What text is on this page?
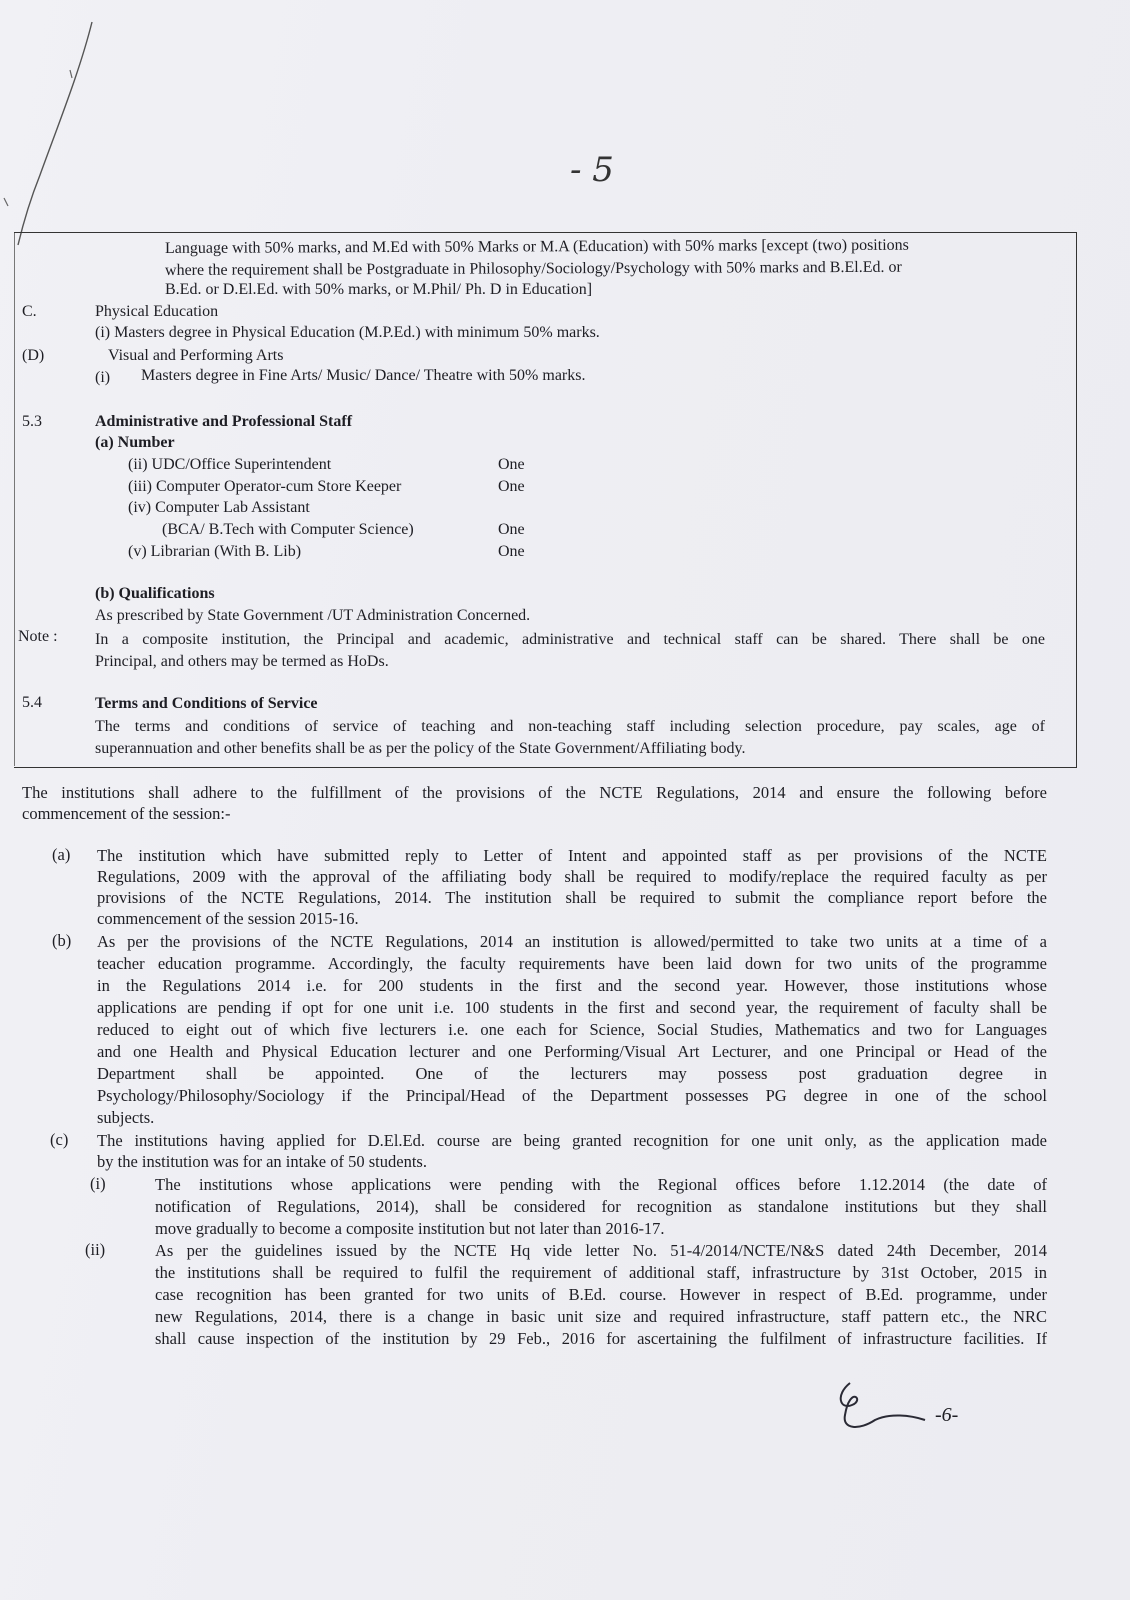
- 5
Language with 50% marks, and M.Ed with 50% Marks or M.A (Education) with 50% marks [except (two) positions
where the requirement shall be Postgraduate in Philosophy/Sociology/Psychology with 50% marks and B.El.Ed. or
B.Ed. or D.El.Ed. with 50% marks, or M.Phil/ Ph. D in Education]
C.	Physical Education
(i) Masters degree in Physical Education (M.P.Ed.) with minimum 50% marks.
(D)	Visual and Performing Arts
(i) Masters degree in Fine Arts/ Music/ Dance/ Theatre with 50% marks.
5.3	Administrative and Professional Staff
(a) Number
(ii) UDC/Office Superintendent	One
(iii) Computer Operator-cum Store Keeper	One
(iv) Computer Lab Assistant
(BCA/ B.Tech with Computer Science)	One
(v) Librarian (With B. Lib)	One
(b) Qualifications
As prescribed by State Government /UT Administration Concerned.
Note : In a composite institution, the Principal and academic, administrative and technical staff can be shared. There shall be one
Principal, and others may be termed as HoDs.
5.4	Terms and Conditions of Service
The terms and conditions of service of teaching and non-teaching staff including selection procedure, pay scales, age of
superannuation and other benefits shall be as per the policy of the State Government/Affiliating body.
The institutions shall adhere to the fulfillment of the provisions of the NCTE Regulations, 2014 and ensure the following before
commencement of the session:-
(a) The institution which have submitted reply to Letter of Intent and appointed staff as per provisions of the NCTE
Regulations, 2009 with the approval of the affiliating body shall be required to modify/replace the required faculty as per
provisions of the NCTE Regulations, 2014. The institution shall be required to submit the compliance report before the
commencement of the session 2015-16.
(b) As per the provisions of the NCTE Regulations, 2014 an institution is allowed/permitted to take two units at a time of a
teacher education programme. Accordingly, the faculty requirements have been laid down for two units of the programme
in the Regulations 2014 i.e. for 200 students in the first and the second year. However, those institutions whose
applications are pending if opt for one unit i.e. 100 students in the first and second year, the requirement of faculty shall be
reduced to eight out of which five lecturers i.e. one each for Science, Social Studies, Mathematics and two for Languages
and one Health and Physical Education lecturer and one Performing/Visual Art Lecturer, and one Principal or Head of the
Department shall be appointed. One of the lecturers may possess post graduation degree in
Psychology/Philosophy/Sociology if the Principal/Head of the Department possesses PG degree in one of the school
subjects.
(c) The institutions having applied for D.El.Ed. course are being granted recognition for one unit only, as the application made
by the institution was for an intake of 50 students.
(i)	The institutions whose applications were pending with the Regional offices before 1.12.2014 (the date of
notification of Regulations, 2014), shall be considered for recognition as standalone institutions but they shall
move gradually to become a composite institution but not later than 2016-17.
(ii)	As per the guidelines issued by the NCTE Hq vide letter No. 51-4/2014/NCTE/N&S dated 24th December, 2014
the institutions shall be required to fulfil the requirement of additional staff, infrastructure by 31st October, 2015 in
case recognition has been granted for two units of B.Ed. course. However in respect of B.Ed. programme, under
new Regulations, 2014, there is a change in basic unit size and required infrastructure, staff pattern etc., the NRC
shall cause inspection of the institution by 29 Feb., 2016 for ascertaining the fulfilment of infrastructure facilities. If
-6-
